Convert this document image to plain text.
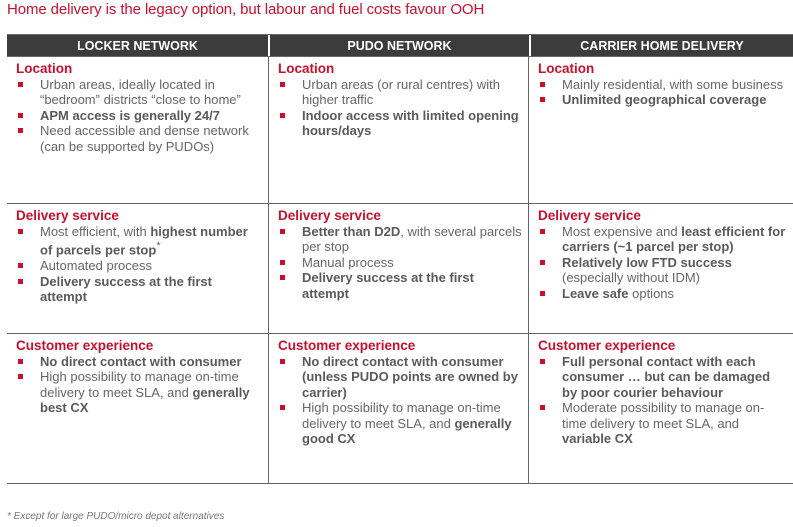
Home delivery is the legacy option, but labour and fuel costs favour OOH
LOCKER NETWORK	PUDO NETWORK	CARRIER HOME DELIVERY
Location
Urban areas, ideally located in “bedroom” districts “close to home”
APM access is generally 24/7
Need accessible and dense network (can be supported by PUDOs)
Location
Urban areas (or rural centres) with higher traffic
Indoor access with limited opening hours/days
Location
Mainly residential, with some business
Unlimited geographical coverage
Delivery service
Most efficient, with highest number of parcels per stop*
Automated process
Delivery success at the first attempt
Delivery service
Better than D2D, with several parcels per stop
Manual process
Delivery success at the first attempt
Delivery service
Most expensive and least efficient for carriers (~1 parcel per stop)
Relatively low FTD success (especially without IDM)
Leave safe options
Customer experience
No direct contact with consumer
High possibility to manage on-time delivery to meet SLA, and generally best CX
Customer experience
No direct contact with consumer (unless PUDO points are owned by carrier)
High possibility to manage on-time delivery to meet SLA, and generally good CX
Customer experience
Full personal contact with each consumer … but can be damaged by poor courier behaviour
Moderate possibility to manage on-time delivery to meet SLA, and variable CX
* Except for large PUDO/micro depot alternatives
